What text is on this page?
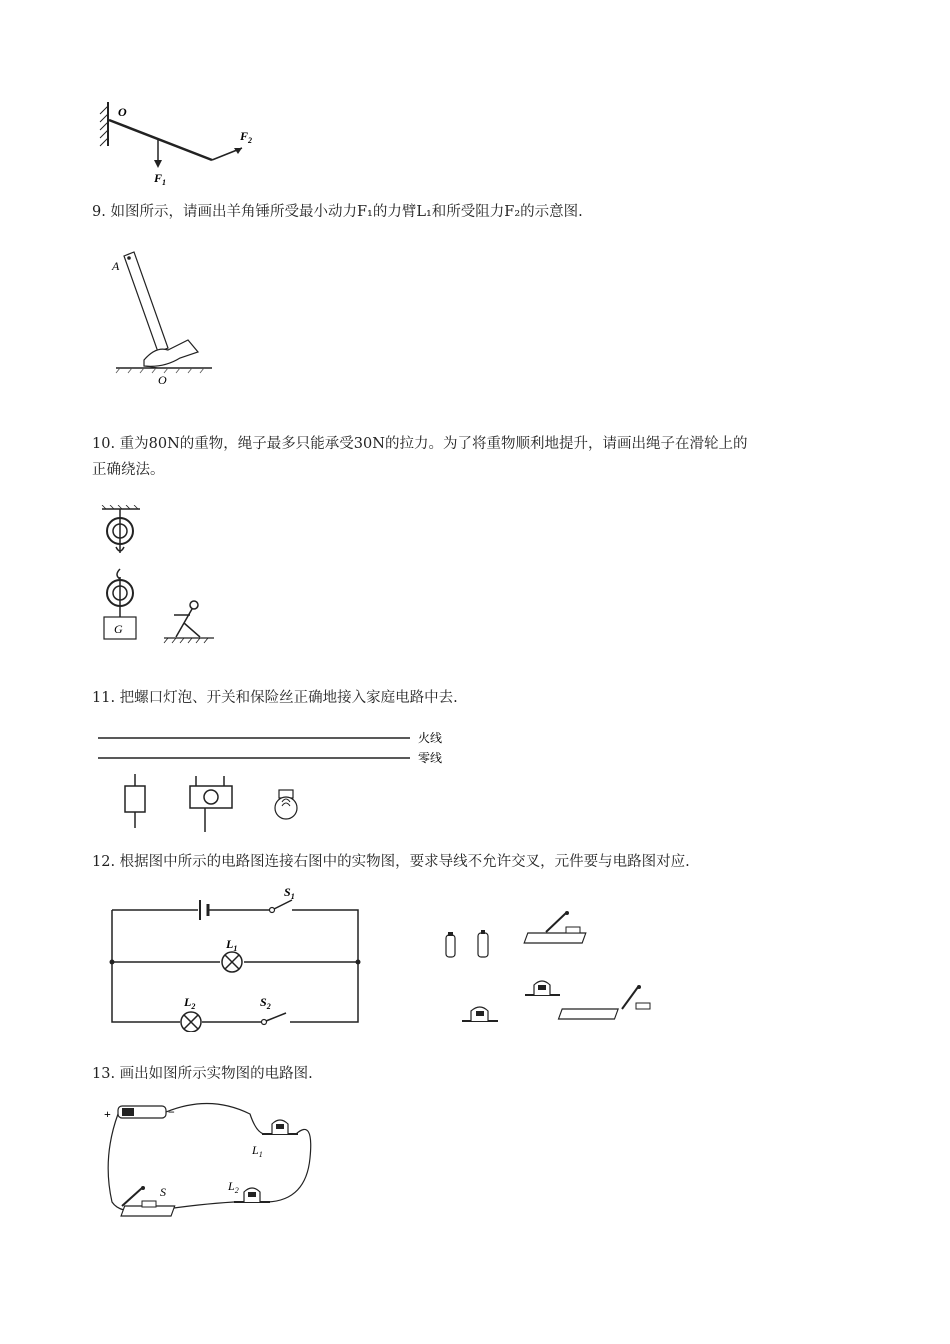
O
$F_1$
$F_2$
9. 如图所示，请画出羊角锤所受最小动力F₁的力臂L₁和所受阻力F₂的示意图.
A
O
10. 重为80N的重物，绳子最多只能承受30N的拉力。为了将重物顺利地提升，请画出绳子在滑轮上的
正确绕法。
G
11. 把螺口灯泡、开关和保险丝正确地接入家庭电路中去.
火线
零线
12. 根据图中所示的电路图连接右图中的实物图，要求导线不允许交叉，元件要与电路图对应.
$S_1$
$L_1$
$L_2$	$S_2$
13. 画出如图所示实物图的电路图.
+	−
$L_1$
$L_2$
S
